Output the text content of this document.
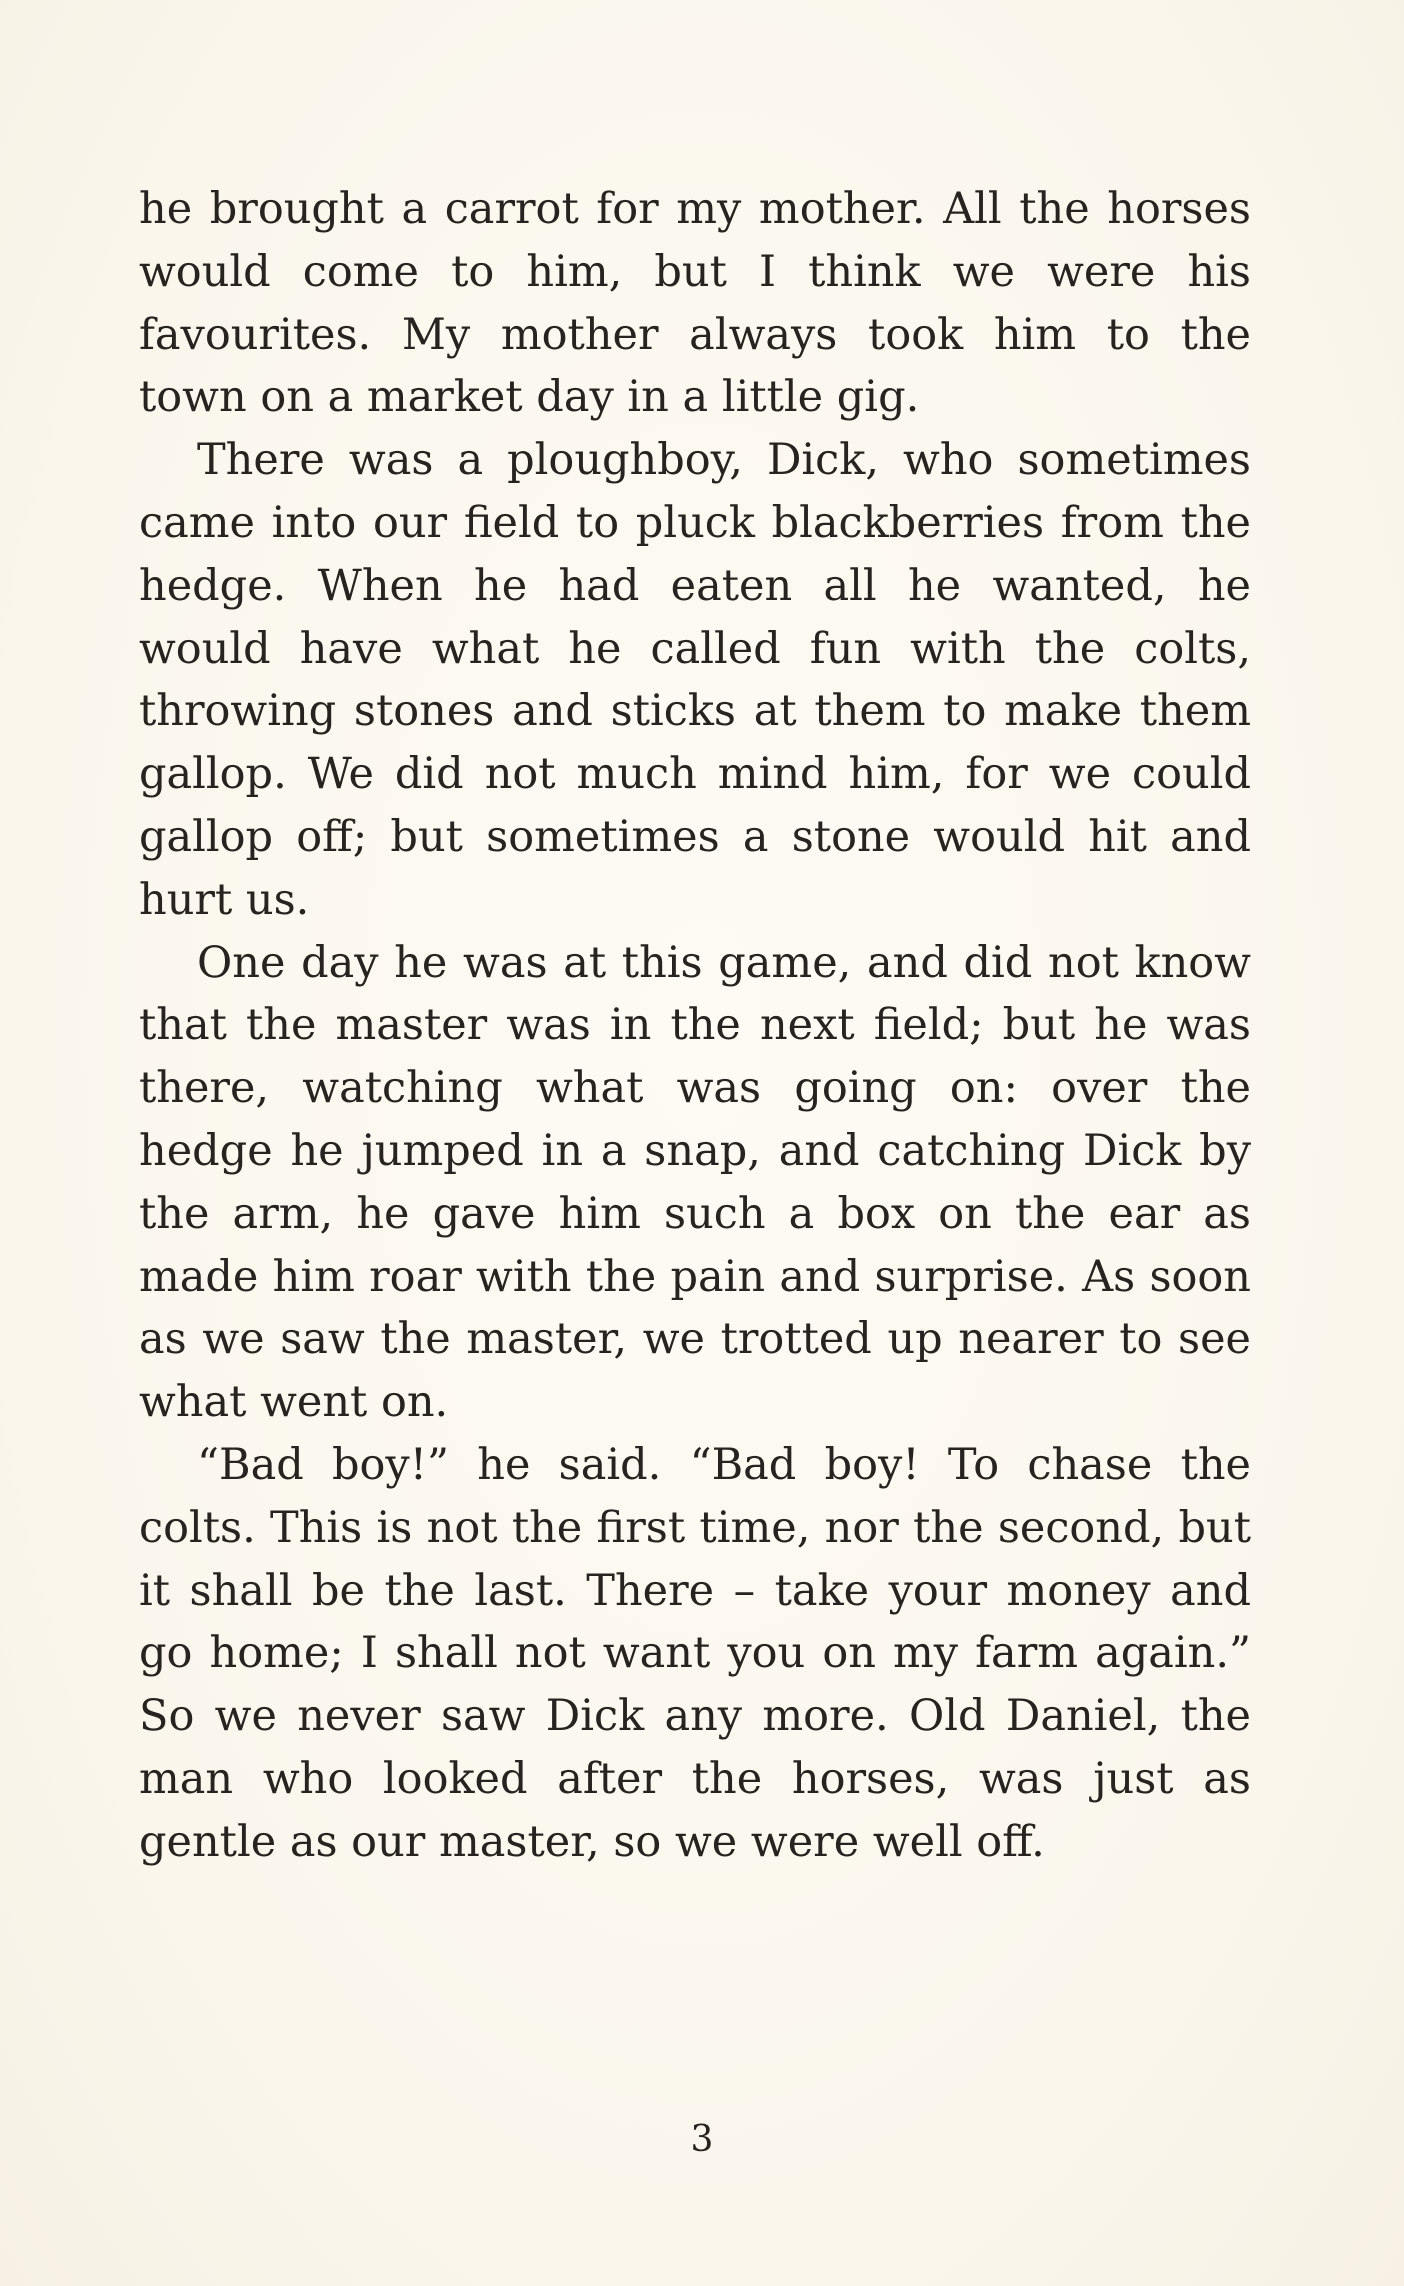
he brought a carrot for my mother. All the horses would come to him, but I think we were his favourites. My mother always took him to the town on a market day in a little gig.

There was a ploughboy, Dick, who sometimes came into our field to pluck blackberries from the hedge. When he had eaten all he wanted, he would have what he called fun with the colts, throwing stones and sticks at them to make them gallop. We did not much mind him, for we could gallop off; but sometimes a stone would hit and hurt us.

One day he was at this game, and did not know that the master was in the next field; but he was there, watching what was going on: over the hedge he jumped in a snap, and catching Dick by the arm, he gave him such a box on the ear as made him roar with the pain and surprise. As soon as we saw the master, we trotted up nearer to see what went on.

“Bad boy!” he said. “Bad boy! To chase the colts. This is not the first time, nor the second, but it shall be the last. There – take your money and go home; I shall not want you on my farm again.” So we never saw Dick any more. Old Daniel, the man who looked after the horses, was just as gentle as our master, so we were well off.

3
